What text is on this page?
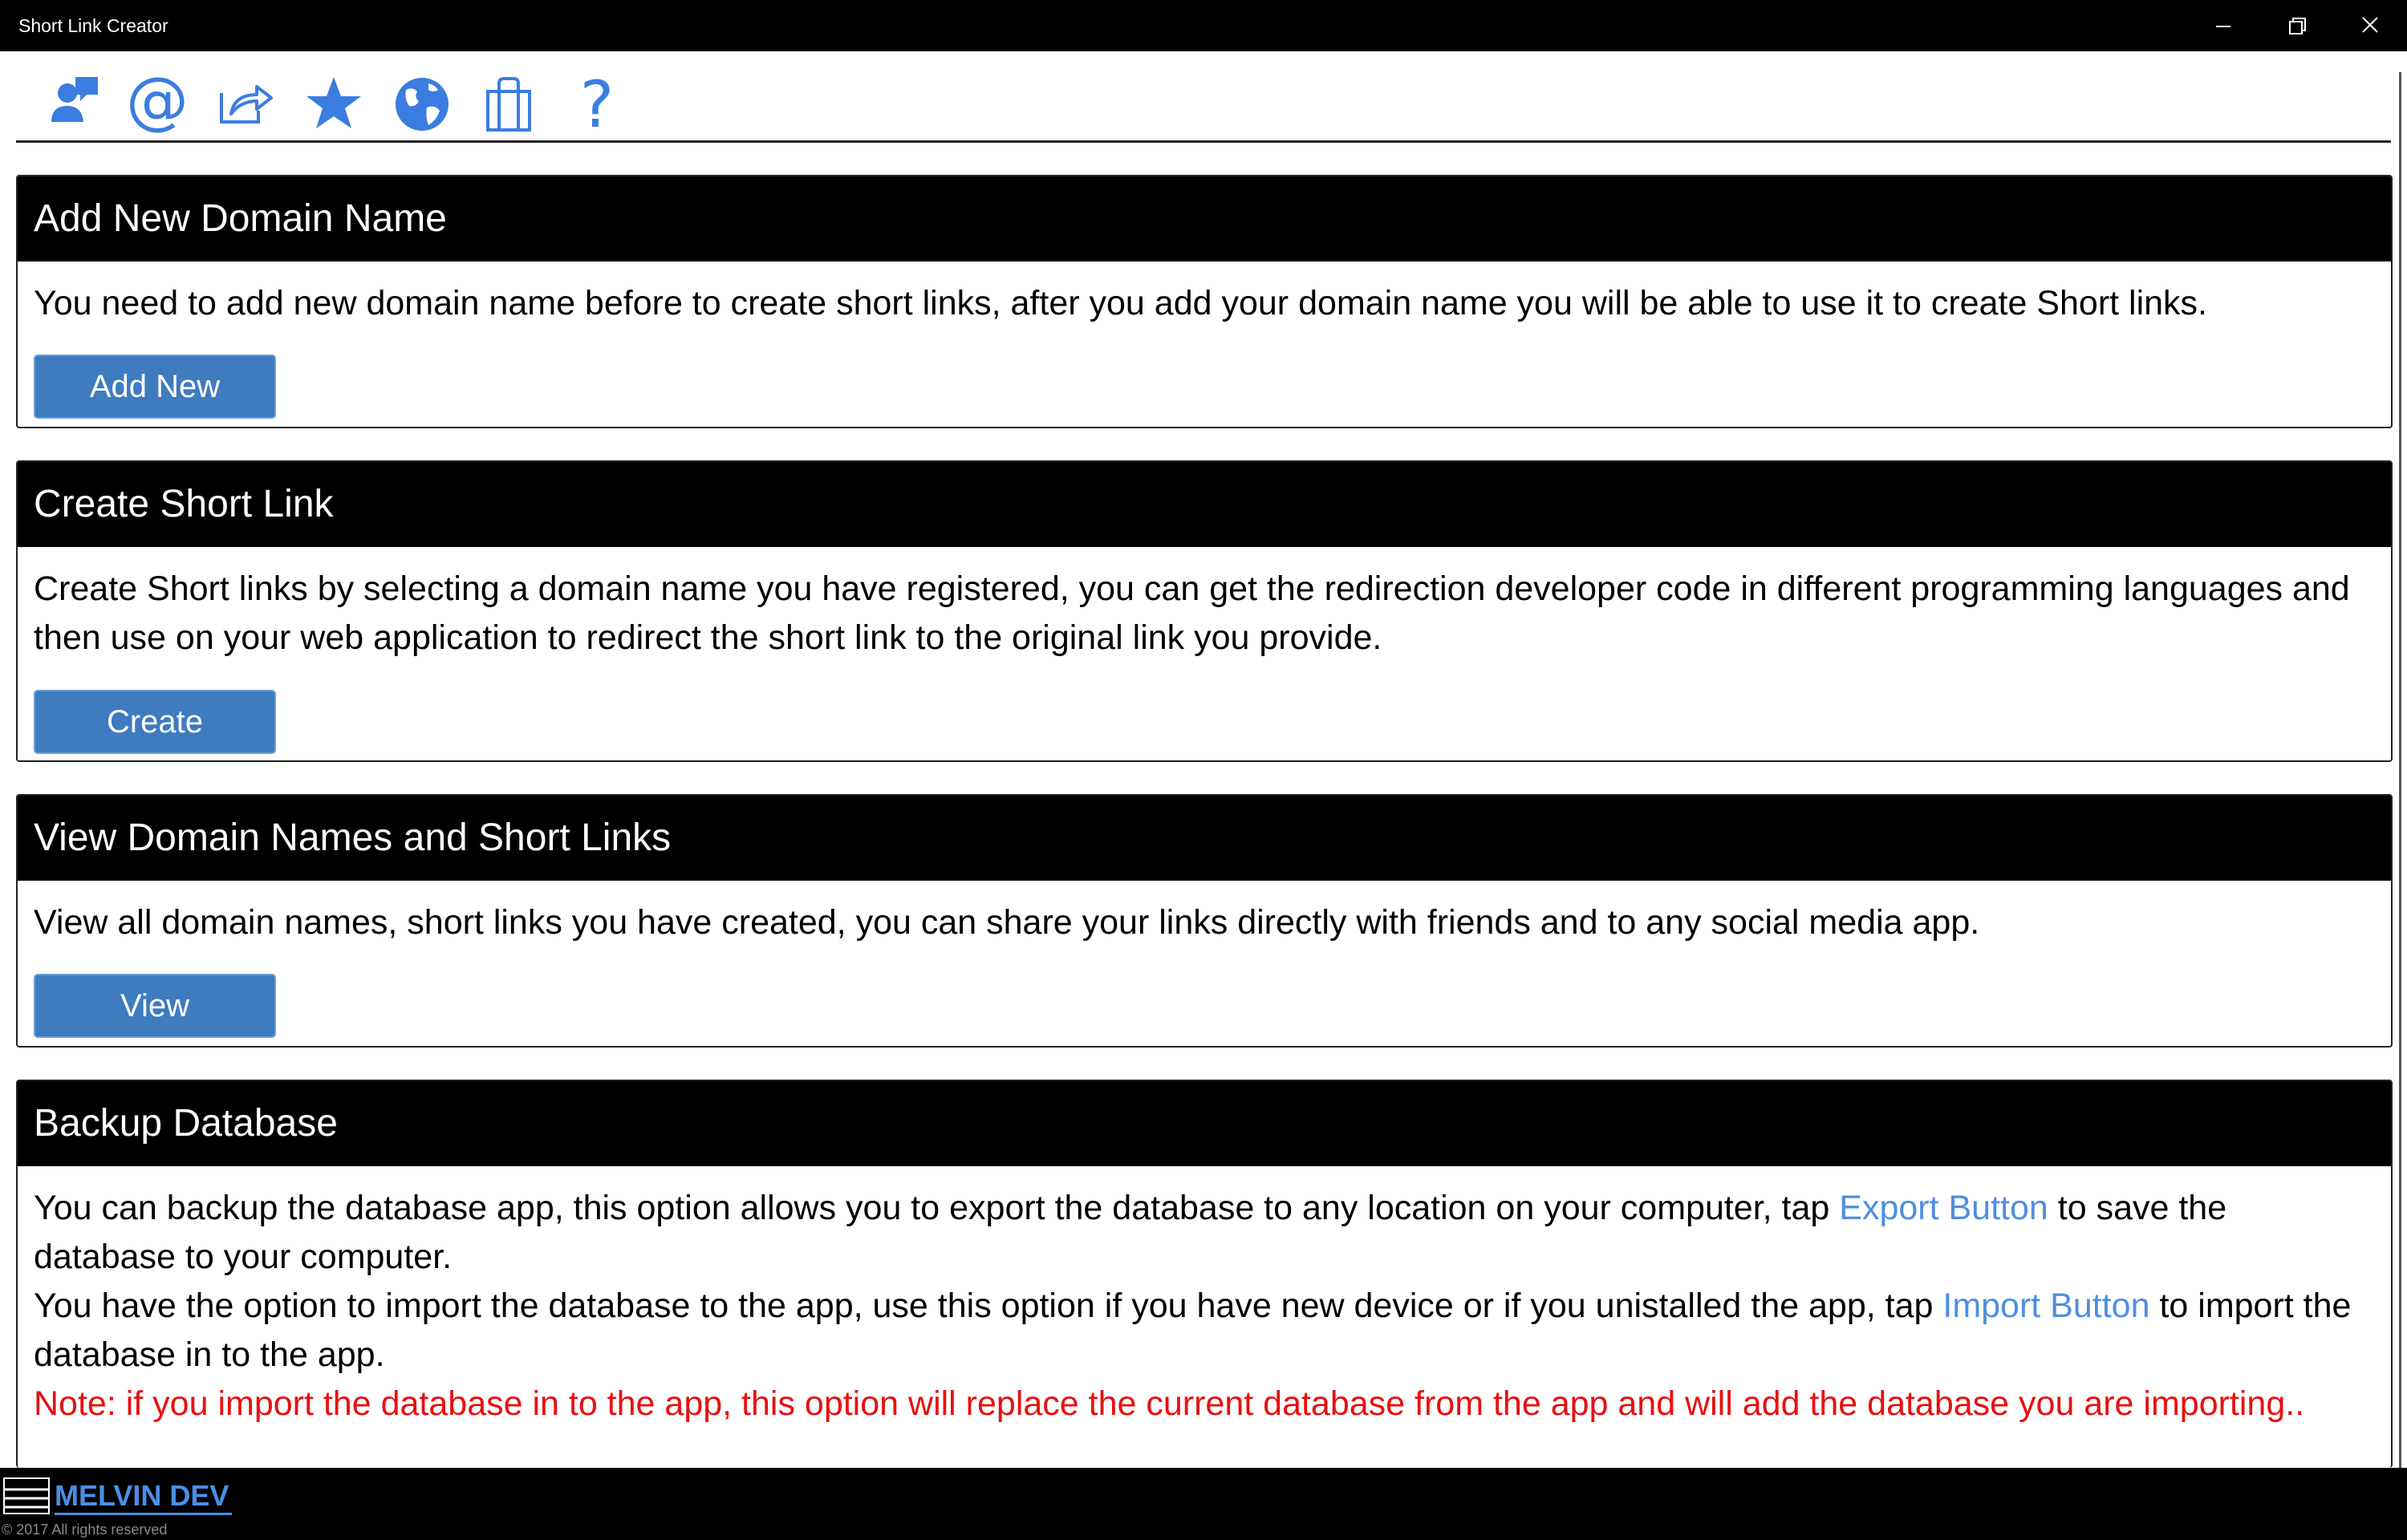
Short Link Creator
@	?
Add New Domain Name
You need to add new domain name before to create short links, after you add your domain name you will be able to use it to create Short links.
Add New
Create Short Link
Create Short links by selecting a domain name you have registered, you can get the redirection developer code in different programming languages and then use on your web application to redirect the short link to the original link you provide.
Create
View Domain Names and Short Links
View all domain names, short links you have created, you can share your links directly with friends and to any social media app.
View
Backup Database
You can backup the database app, this option allows you to export the database to any location on your computer, tap Export Button to save the database to your computer.
You have the option to import the database to the app, use this option if you have new device or if you unistalled the app, tap Import Button to import the database in to the app.
Note: if you import the database in to the app, this option will replace the current database from the app and will add the database you are importing..
MELVIN DEV
© 2017 All rights reserved
